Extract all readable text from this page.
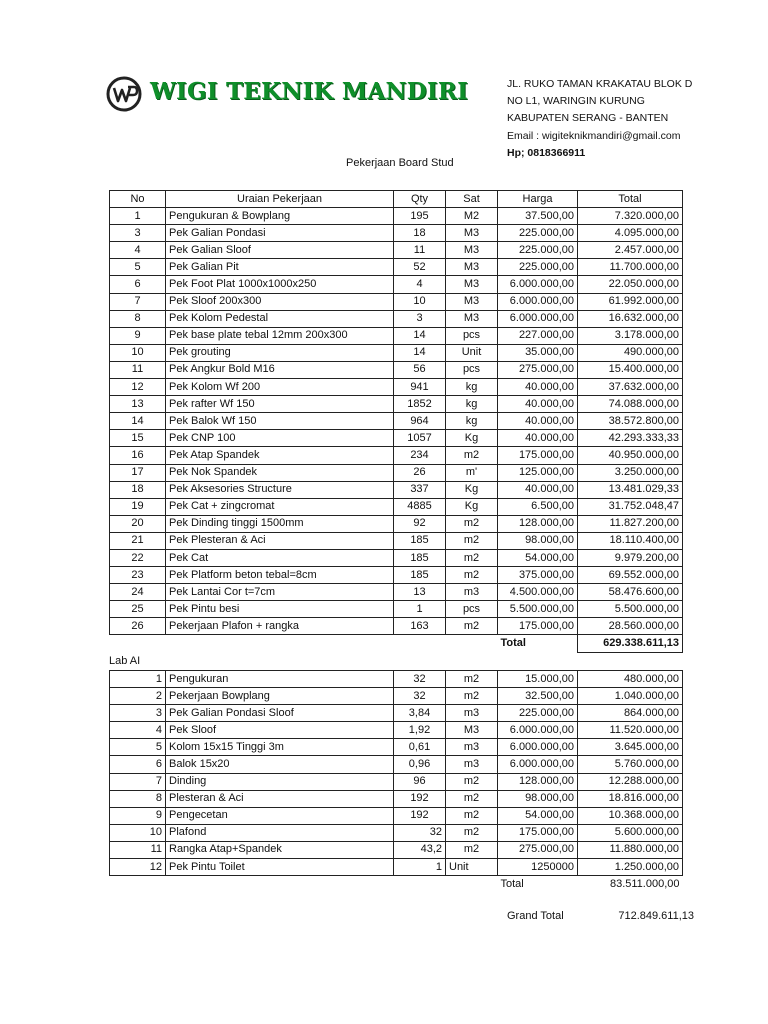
WIGI TEKNIK MANDIRI	JL. RUKO TAMAN KRAKATAU BLOK D
NO L1, WARINGIN KURUNG
KABUPATEN SERANG - BANTEN
Email : wigiteknikmandiri@gmail.com
Hp; 0818366911
Pekerjaan Board Stud
No	Uraian Pekerjaan	Qty	Sat	Harga	Total
1	Pengukuran & Bowplang	195	M2	37.500,00	7.320.000,00
3	Pek Galian Pondasi	18	M3	225.000,00	4.095.000,00
4	Pek Galian Sloof	11	M3	225.000,00	2.457.000,00
5	Pek Galian Pit	52	M3	225.000,00	11.700.000,00
6	Pek Foot Plat 1000x1000x250	4	M3	6.000.000,00	22.050.000,00
7	Pek Sloof 200x300	10	M3	6.000.000,00	61.992.000,00
8	Pek Kolom Pedestal	3	M3	6.000.000,00	16.632.000,00
9	Pek base plate tebal 12mm 200x300	14	pcs	227.000,00	3.178.000,00
10	Pek grouting	14	Unit	35.000,00	490.000,00
11	Pek Angkur Bold M16	56	pcs	275.000,00	15.400.000,00
12	Pek Kolom Wf 200	941	kg	40.000,00	37.632.000,00
13	Pek rafter Wf 150	1852	kg	40.000,00	74.088.000,00
14	Pek Balok Wf 150	964	kg	40.000,00	38.572.800,00
15	Pek CNP 100	1057	Kg	40.000,00	42.293.333,33
16	Pek Atap Spandek	234	m2	175.000,00	40.950.000,00
17	Pek Nok Spandek	26	m'	125.000,00	3.250.000,00
18	Pek Aksesories Structure	337	Kg	40.000,00	13.481.029,33
19	Pek Cat + zingcromat	4885	Kg	6.500,00	31.752.048,47
20	Pek Dinding tinggi 1500mm	92	m2	128.000,00	11.827.200,00
21	Pek Plesteran & Aci	185	m2	98.000,00	18.110.400,00
22	Pek Cat	185	m2	54.000,00	9.979.200,00
23	Pek Platform beton tebal=8cm	185	m2	375.000,00	69.552.000,00
24	Pek Lantai Cor t=7cm	13	m3	4.500.000,00	58.476.600,00
25	Pek Pintu besi	1	pcs	5.500.000,00	5.500.000,00
26	Pekerjaan Plafon + rangka	163	m2	175.000,00	28.560.000,00
				Total	629.338.611,13
Lab AI
1	Pengukuran	32	m2	15.000,00	480.000,00
2	Pekerjaan Bowplang	32	m2	32.500,00	1.040.000,00
3	Pek Galian Pondasi Sloof	3,84	m3	225.000,00	864.000,00
4	Pek Sloof	1,92	M3	6.000.000,00	11.520.000,00
5	Kolom 15x15 Tinggi 3m	0,61	m3	6.000.000,00	3.645.000,00
6	Balok 15x20	0,96	m3	6.000.000,00	5.760.000,00
7	Dinding	96	m2	128.000,00	12.288.000,00
8	Plesteran & Aci	192	m2	98.000,00	18.816.000,00
9	Pengecetan	192	m2	54.000,00	10.368.000,00
10	Plafond	32	m2	175.000,00	5.600.000,00
11	Rangka Atap+Spandek	43,2	m2	275.000,00	11.880.000,00
12	Pek Pintu Toilet	1	Unit	1250000	1.250.000,00
				Total	83.511.000,00
Grand Total	712.849.611,13
